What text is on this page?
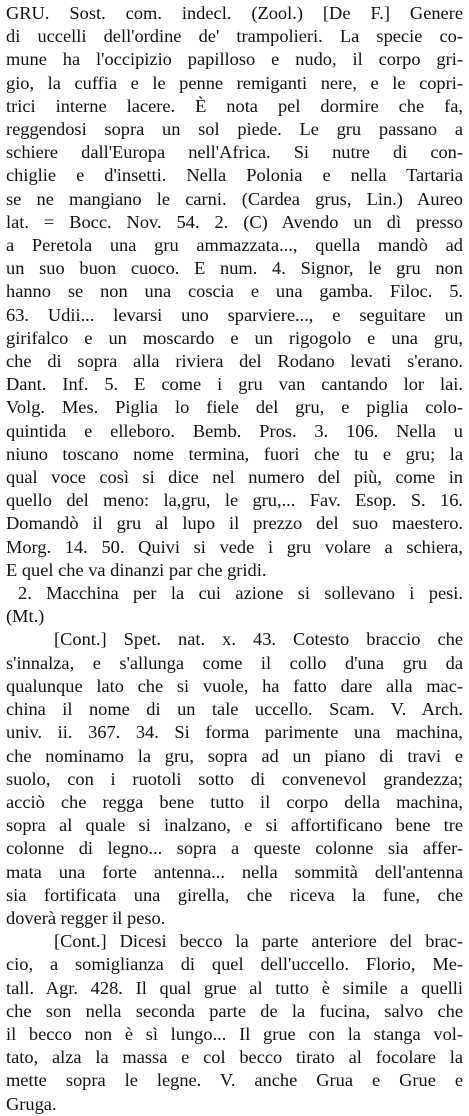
GRU. Sost. com. indecl. (Zool.) [De F.] Genere
di uccelli dell'ordine de' trampolieri. La specie co-
mune ha l'occipizio papilloso e nudo, il corpo gri-
gio, la cuffia e le penne remiganti nere, e le copri-
trici interne lacere. È nota pel dormire che fa,
reggendosi sopra un sol piede. Le gru passano a
schiere dall'Europa nell'Africa. Si nutre di con-
chiglie e d'insetti. Nella Polonia e nella Tartaria
se ne mangiano le carni. (Cardea grus, Lin.) Aureo
lat. = Bocc. Nov. 54. 2. (C) Avendo un dì presso
a Peretola una gru ammazzata..., quella mandò ad
un suo buon cuoco. E num. 4. Signor, le gru non
hanno se non una coscia e una gamba. Filoc. 5.
63. Udii... levarsi uno sparviere..., e seguitare un
girifalco e un moscardo e un rigogolo e una gru,
che di sopra alla riviera del Rodano levati s'erano.
Dant. Inf. 5. E come i gru van cantando lor lai.
Volg. Mes. Piglia lo fiele del gru, e piglia colo-
quintida e elleboro. Bemb. Pros. 3. 106. Nella u
niuno toscano nome termina, fuori che tu e gru; la
qual voce così si dice nel numero del più, come in
quello del meno: la,gru, le gru,... Fav. Esop. S. 16.
Domandò il gru al lupo il prezzo del suo maestero.
Morg. 14. 50. Quivi si vede i gru volare a schiera,
E quel che va dinanzi par che gridi.
2. Macchina per la cui azione si sollevano i pesi.
(Mt.)
[Cont.] Spet. nat. x. 43. Cotesto braccio che
s'innalza, e s'allunga come il collo d'una gru da
qualunque lato che si vuole, ha fatto dare alla mac-
china il nome di un tale uccello. Scam. V. Arch.
univ. ii. 367. 34. Si forma parimente una machina,
che nominamo la gru, sopra ad un piano di travi e
suolo, con i ruotoli sotto di convenevol grandezza;
acciò che regga bene tutto il corpo della machina,
sopra al quale si inalzano, e si affortificano bene tre
colonne di legno... sopra a queste colonne sia affer-
mata una forte antenna... nella sommità dell'antenna
sia fortificata una girella, che riceva la fune, che
doverà regger il peso.
[Cont.] Dicesi becco la parte anteriore del brac-
cio, a somiglianza di quel dell'uccello. Florio, Me-
tall. Agr. 428. Il qual grue al tutto è simile a quelli
che son nella seconda parte de la fucina, salvo che
il becco non è sì lungo... Il grue con la stanga vol-
tato, alza la massa e col becco tirato al focolare la
mette sopra le legne. V. anche Grua e Grue e
Gruga.
